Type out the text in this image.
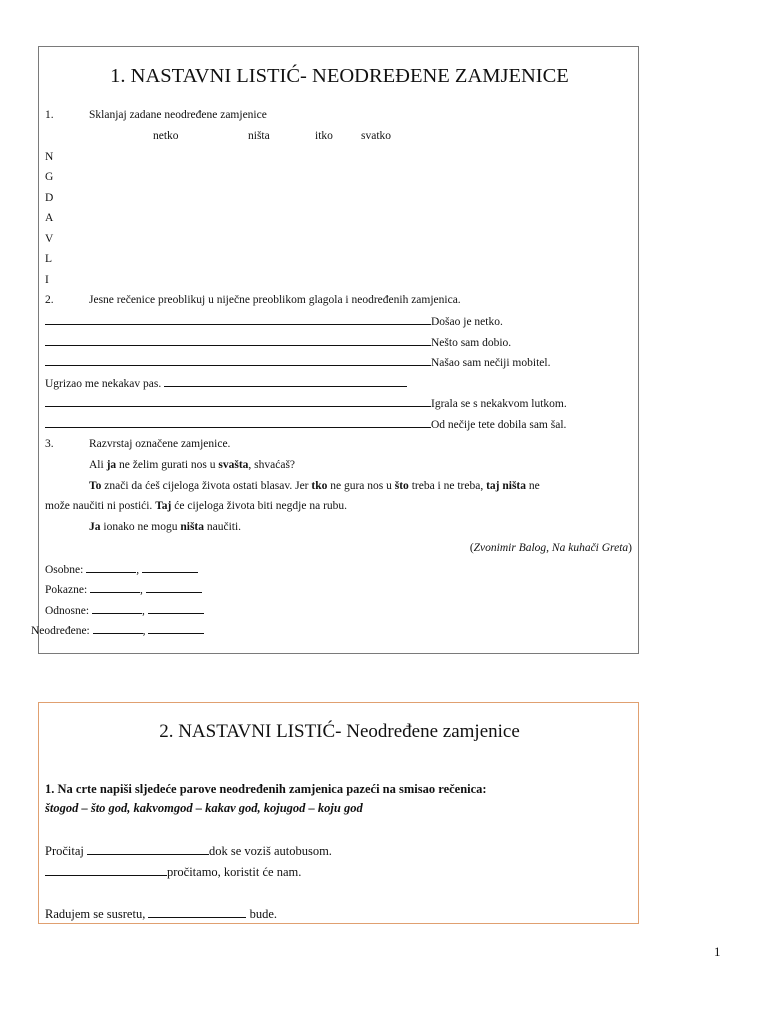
1. NASTAVNI LISTIĆ- NEODREĐENE ZAMJENICE
1.	Sklanjaj zadane neodređene zamjenice
netko	ništa	itko svatko
N
G
D
A
V
L
I
2.	Jesne rečenice preoblikuj u niječne preoblikom glagola i neodređenih zamjenica.
Došao je netko.
Nešto sam dobio.
Našao sam nečiji mobitel.
Ugrizao me nekakav pas.
Igrala se s nekakvom lutkom.
Od nečije tete dobila sam šal.
3.	Razvrstaj označene zamjenice.
Ali ja ne želim gurati nos u svašta, shvaćaš?
To znači da ćeš cijeloga života ostati blasav. Jer tko ne gura nos u što treba i ne treba, taj ništa ne
može naučiti ni postići. Taj će cijeloga života biti negdje na rubu.
Ja ionako ne mogu ništa naučiti.
(Zvonimir Balog, Na kuhači Greta)
Osobne:	,
Pokazne:	,
Odnosne:	,
Neodređene:	,
2. NASTAVNI LISTIĆ- Neodređene zamjenice
1. Na crte napiši sljedeće parove neodređenih zamjenica pazeći na smisao rečenica:
štogod – što god, kakvomgod – kakav god, kojugod – koju god
Pročitaj	dok se voziš autobusom.
pročitamo, koristit će nam.
Radujem se susretu,	bude.
1
